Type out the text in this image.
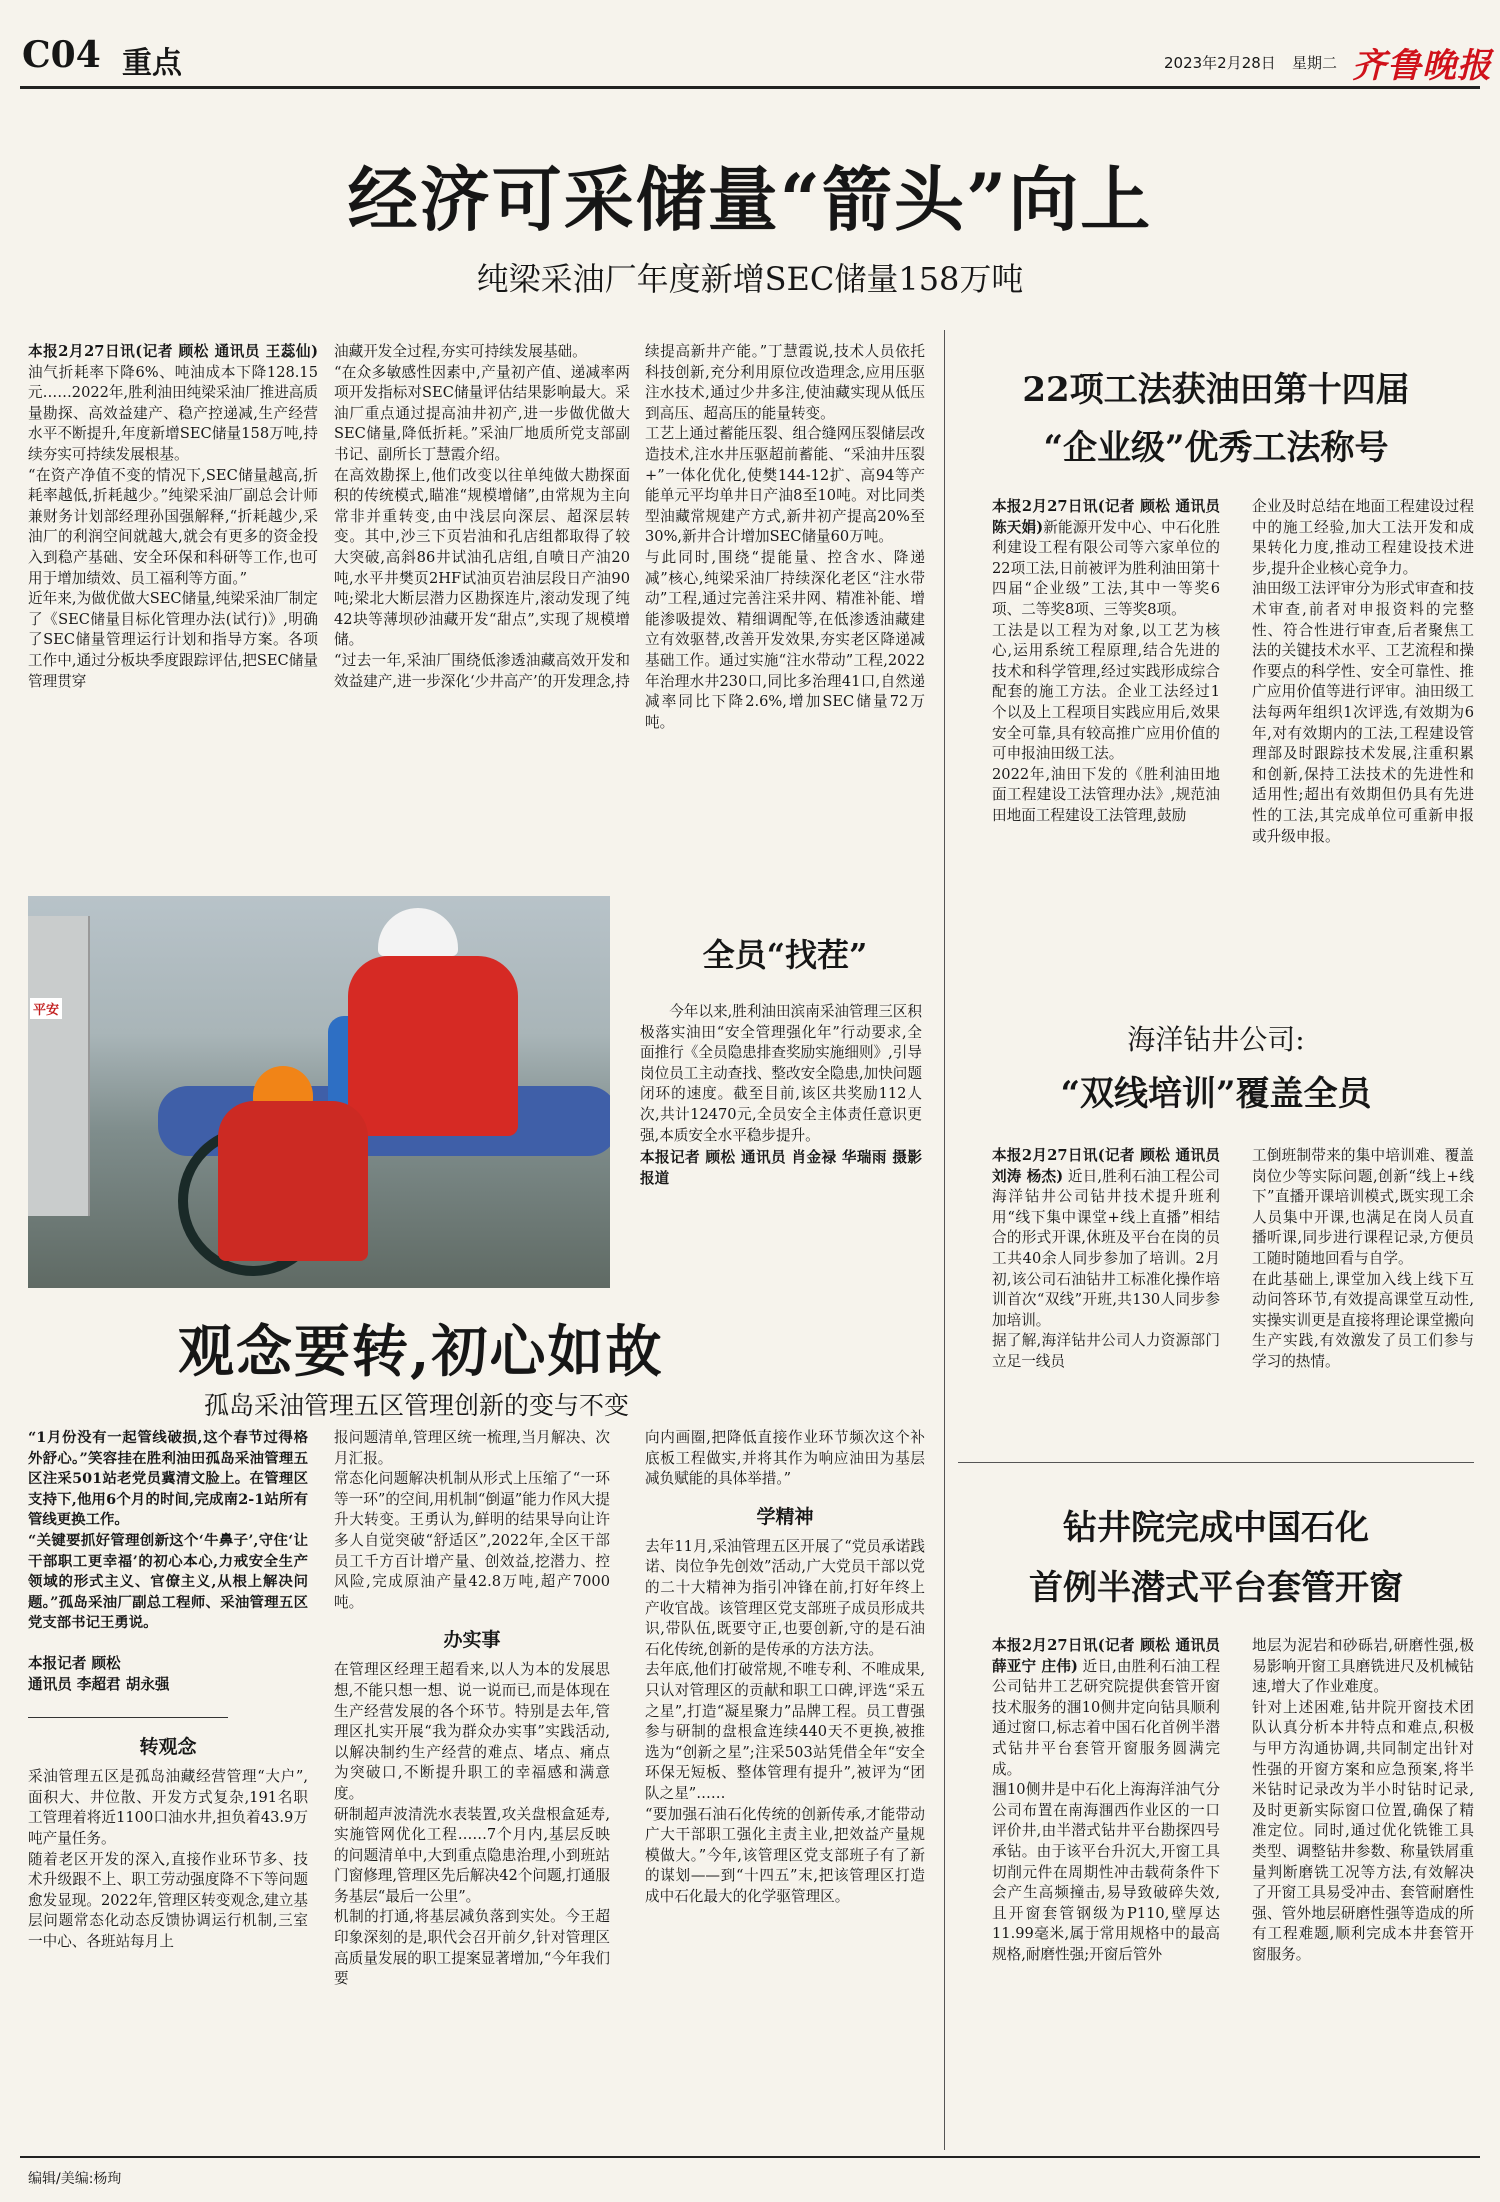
C04 重点	2023年2月28日 星期二 齐鲁晚报
经济可采储量“箭头”向上
纯梁采油厂年度新增SEC储量158万吨

本报2月27日讯(记者 顾松 通讯员 王蕊仙) 油气折耗率下降6%、吨油成本下降128.15元……2022年,胜利油田纯梁采油厂推进高质量勘探、高效益建产、稳产控递减,生产经营水平不断提升,年度新增SEC储量158万吨,持续夯实可持续发展根基。
“在资产净值不变的情况下,SEC储量越高,折耗率越低,折耗越少。”纯梁采油厂副总会计师兼财务计划部经理孙国强解释,“折耗越少,采油厂的利润空间就越大,就会有更多的资金投入到稳产基础、安全环保和科研等工作,也可用于增加绩效、员工福利等方面。”
近年来,为做优做大SEC储量,纯梁采油厂制定了《SEC储量目标化管理办法(试行)》,明确了SEC储量管理运行计划和指导方案。各项工作中,通过分板块季度跟踪评估,把SEC储量管理贯穿

油藏开发全过程,夯实可持续发展基础。
“在众多敏感性因素中,产量初产值、递减率两项开发指标对SEC储量评估结果影响最大。采油厂重点通过提高油井初产,进一步做优做大SEC储量,降低折耗。”采油厂地质所党支部副书记、副所长丁慧霞介绍。
在高效勘探上,他们改变以往单纯做大勘探面积的传统模式,瞄准“规模增储”,由常规为主向常非并重转变,由中浅层向深层、超深层转变。其中,沙三下页岩油和孔店组都取得了较大突破,高斜86井试油孔店组,自喷日产油20吨,水平井樊页2HF试油页岩油层段日产油90吨;梁北大断层潜力区勘探连片,滚动发现了纯42块等薄坝砂油藏开发“甜点”,实现了规模增储。
“过去一年,采油厂围绕低渗透油藏高效开发和效益建产,进一步深化‘少井高产’的开发理念,持

续提高新井产能。”丁慧霞说,技术人员依托科技创新,充分利用原位改造理念,应用压驱注水技术,通过少井多注,使油藏实现从低压到高压、超高压的能量转变。
工艺上通过蓄能压裂、组合缝网压裂储层改造技术,注水井压驱超前蓄能、“采油井压裂+”一体化优化,使樊144-12扩、高94等产能单元平均单井日产油8至10吨。对比同类型油藏常规建产方式,新井初产提高20%至30%,新井合计增加SEC储量60万吨。
与此同时,围绕“提能量、控含水、降递减”核心,纯梁采油厂持续深化老区“注水带动”工程,通过完善注采井网、精准补能、增能渗吸提效、精细调配等,在低渗透油藏建立有效驱替,改善开发效果,夯实老区降递减基础工作。通过实施“注水带动”工程,2022年治理水井230口,同比多治理41口,自然递减率同比下降2.6%,增加SEC储量72万吨。

平安
全员“找茬”

今年以来,胜利油田滨南采油管理三区积极落实油田“安全管理强化年”行动要求,全面推行《全员隐患排查奖励实施细则》,引导岗位员工主动查找、整改安全隐患,加快问题闭环的速度。截至目前,该区共奖励112人次,共计12470元,全员安全主体责任意识更强,本质安全水平稳步提升。

本报记者 顾松 通讯员 肖金禄 华瑞雨 摄影报道

22项工法获油田第十四届
“企业级”优秀工法称号

本报2月27日讯(记者 顾松 通讯员 陈天娟)新能源开发中心、中石化胜利建设工程有限公司等六家单位的22项工法,日前被评为胜利油田第十四届“企业级”工法,其中一等奖6项、二等奖8项、三等奖8项。
工法是以工程为对象,以工艺为核心,运用系统工程原理,结合先进的技术和科学管理,经过实践形成综合配套的施工方法。企业工法经过1个以及上工程项目实践应用后,效果安全可靠,具有较高推广应用价值的可申报油田级工法。
2022年,油田下发的《胜利油田地面工程建设工法管理办法》,规范油田地面工程建设工法管理,鼓励

企业及时总结在地面工程建设过程中的施工经验,加大工法开发和成果转化力度,推动工程建设技术进步,提升企业核心竞争力。
油田级工法评审分为形式审查和技术审查,前者对申报资料的完整性、符合性进行审查,后者聚焦工法的关键技术水平、工艺流程和操作要点的科学性、安全可靠性、推广应用价值等进行评审。油田级工法每两年组织1次评选,有效期为6年,对有效期内的工法,工程建设管理部及时跟踪技术发展,注重积累和创新,保持工法技术的先进性和适用性;超出有效期但仍具有先进性的工法,其完成单位可重新申报或升级申报。

海洋钻井公司:
“双线培训”覆盖全员

本报2月27日讯(记者 顾松 通讯员 刘涛 杨杰) 近日,胜利石油工程公司海洋钻井公司钻井技术提升班利用“线下集中课堂+线上直播”相结合的形式开课,休班及平台在岗的员工共40余人同步参加了培训。2月初,该公司石油钻井工标准化操作培训首次“双线”开班,共130人同步参加培训。
据了解,海洋钻井公司人力资源部门立足一线员

工倒班制带来的集中培训难、覆盖岗位少等实际问题,创新“线上+线下”直播开课培训模式,既实现工余人员集中开课,也满足在岗人员直播听课,同步进行课程记录,方便员工随时随地回看与自学。
在此基础上,课堂加入线上线下互动问答环节,有效提高课堂互动性,实操实训更是直接将理论课堂搬向生产实践,有效激发了员工们参与学习的热情。

钻井院完成中国石化
首例半潜式平台套管开窗

本报2月27日讯(记者 顾松 通讯员 薛亚宁 庄伟) 近日,由胜利石油工程公司钻井工艺研究院提供套管开窗技术服务的涠10侧井定向钻具顺利通过窗口,标志着中国石化首例半潜式钻井平台套管开窗服务圆满完成。
涠10侧井是中石化上海海洋油气分公司布置在南海涠西作业区的一口评价井,由半潜式钻井平台勘探四号承钻。由于该平台升沉大,开窗工具切削元件在周期性冲击载荷条件下会产生高频撞击,易导致破碎失效,且开窗套管钢级为P110,壁厚达11.99毫米,属于常用规格中的最高规格,耐磨性强;开窗后管外

地层为泥岩和砂砾岩,研磨性强,极易影响开窗工具磨铣进尺及机械钻速,增大了作业难度。
针对上述困难,钻井院开窗技术团队认真分析本井特点和难点,积极与甲方沟通协调,共同制定出针对性强的开窗方案和应急预案,将半米钻时记录改为半小时钻时记录,及时更新实际窗口位置,确保了精准定位。同时,通过优化铣锥工具类型、调整钻井参数、称量铁屑重量判断磨铣工况等方法,有效解决了开窗工具易受冲击、套管耐磨性强、管外地层研磨性强等造成的所有工程难题,顺利完成本井套管开窗服务。

观念要转,初心如故
孤岛采油管理五区管理创新的变与不变

“1月份没有一起管线破损,这个春节过得格外舒心。”笑容挂在胜利油田孤岛采油管理五区注采501站老党员冀清文脸上。在管理区支持下,他用6个月的时间,完成南2-1站所有管线更换工作。
“关键要抓好管理创新这个‘牛鼻子’,守住‘让干部职工更幸福’的初心本心,力戒安全生产领域的形式主义、官僚主义,从根上解决问题。”孤岛采油厂副总工程师、采油管理五区党支部书记王勇说。

本报记者 顾松

通讯员 李超君 胡永强

转观念

采油管理五区是孤岛油藏经营管理“大户”,面积大、井位散、开发方式复杂,191名职工管理着将近1100口油水井,担负着43.9万吨产量任务。
随着老区开发的深入,直接作业环节多、技术升级跟不上、职工劳动强度降不下等问题愈发显现。2022年,管理区转变观念,建立基层问题常态化动态反馈协调运行机制,三室一中心、各班站每月上

报问题清单,管理区统一梳理,当月解决、次月汇报。
常态化问题解决机制从形式上压缩了“一环等一环”的空间,用机制“倒逼”能力作风大提升大转变。王勇认为,鲜明的结果导向让许多人自觉突破“舒适区”,2022年,全区干部员工千方百计增产量、创效益,挖潜力、控风险,完成原油产量42.8万吨,超产7000吨。

办实事

在管理区经理王超看来,以人为本的发展思想,不能只想一想、说一说而已,而是体现在生产经营发展的各个环节。特别是去年,管理区扎实开展“我为群众办实事”实践活动,以解决制约生产经营的难点、堵点、痛点为突破口,不断提升职工的幸福感和满意度。
研制超声波清洗水表装置,攻关盘根盒延寿,实施管网优化工程……7个月内,基层反映的问题清单中,大到重点隐患治理,小到班站门窗修理,管理区先后解决42个问题,打通服务基层“最后一公里”。
机制的打通,将基层减负落到实处。今王超印象深刻的是,职代会召开前夕,针对管理区高质量发展的职工提案显著增加,“今年我们要

向内画圈,把降低直接作业环节频次这个补底板工程做实,并将其作为响应油田为基层减负赋能的具体举措。”

学精神

去年11月,采油管理五区开展了“党员承诺践诺、岗位争先创效”活动,广大党员干部以党的二十大精神为指引冲锋在前,打好年终上产收官战。该管理区党支部班子成员形成共识,带队伍,既要守正,也要创新,守的是石油石化传统,创新的是传承的方法方法。
去年底,他们打破常规,不唯专利、不唯成果,只认对管理区的贡献和职工口碑,评选“采五之星”,打造“凝星聚力”品牌工程。员工曹强参与研制的盘根盒连续440天不更换,被推选为“创新之星”;注采503站凭借全年“安全环保无短板、整体管理有提升”,被评为“团队之星”……
“要加强石油石化传统的创新传承,才能带动广大干部职工强化主责主业,把效益产量规模做大。”今年,该管理区党支部班子有了新的谋划——到“十四五”末,把该管理区打造成中石化最大的化学驱管理区。

编辑/美编:杨珣
